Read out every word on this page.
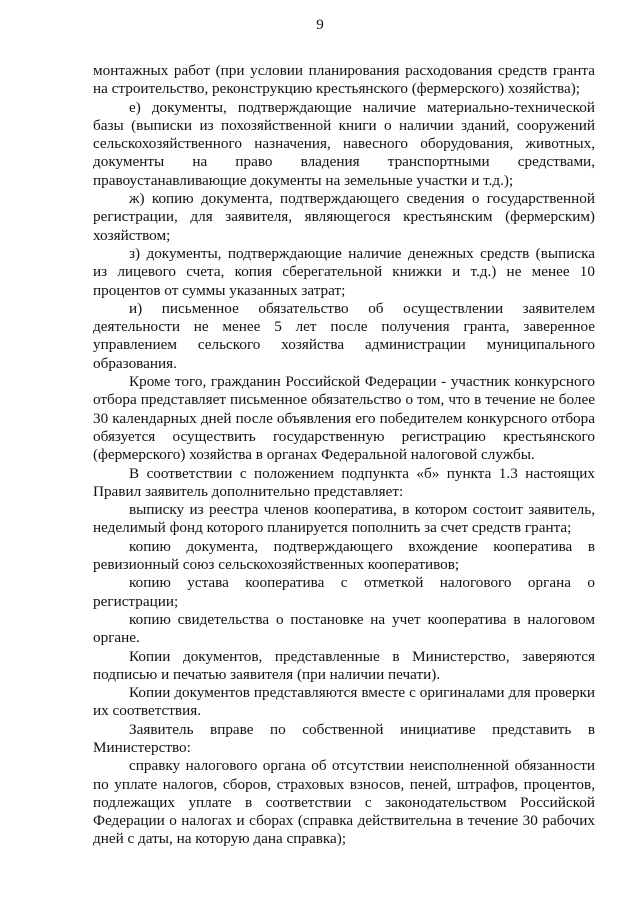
9

монтажных работ (при условии планирования расходования средств гранта на строительство, реконструкцию крестьянского (фермерского) хозяйства);

е) документы, подтверждающие наличие материально-технической базы (выписки из похозяйственной книги о наличии зданий, сооружений сельскохозяйственного назначения, навесного оборудования, животных, документы на право владения транспортными средствами, правоустанавливающие документы на земельные участки и т.д.);

ж) копию документа, подтверждающего сведения о государственной регистрации, для заявителя, являющегося крестьянским (фермерским) хозяйством;

з) документы, подтверждающие наличие денежных средств (выписка из лицевого счета, копия сберегательной книжки и т.д.) не менее 10 процентов от суммы указанных затрат;

и) письменное обязательство об осуществлении заявителем деятельности не менее 5 лет после получения гранта, заверенное управлением сельского хозяйства администрации муниципального образования.

Кроме того, гражданин Российской Федерации - участник конкурсного отбора представляет письменное обязательство о том, что в течение не более 30 календарных дней после объявления его победителем конкурсного отбора обязуется осуществить государственную регистрацию крестьянского (фермерского) хозяйства в органах Федеральной налоговой службы.

В соответствии с положением подпункта «б» пункта 1.3 настоящих Правил заявитель дополнительно представляет:

выписку из реестра членов кооператива, в котором состоит заявитель, неделимый фонд которого планируется пополнить за счет средств гранта;

копию документа, подтверждающего вхождение кооператива в ревизионный союз сельскохозяйственных кооперативов;

копию устава кооператива с отметкой налогового органа о регистрации;

копию свидетельства о постановке на учет кооператива в налоговом органе.

Копии документов, представленные в Министерство, заверяются подписью и печатью заявителя (при наличии печати).

Копии документов представляются вместе с оригиналами для проверки их соответствия.

Заявитель вправе по собственной инициативе представить в Министерство:

справку налогового органа об отсутствии неисполненной обязанности по уплате налогов, сборов, страховых взносов, пеней, штрафов, процентов, подлежащих уплате в соответствии с законодательством Российской Федерации о налогах и сборах (справка действительна в течение 30 рабочих дней с даты, на которую дана справка);
